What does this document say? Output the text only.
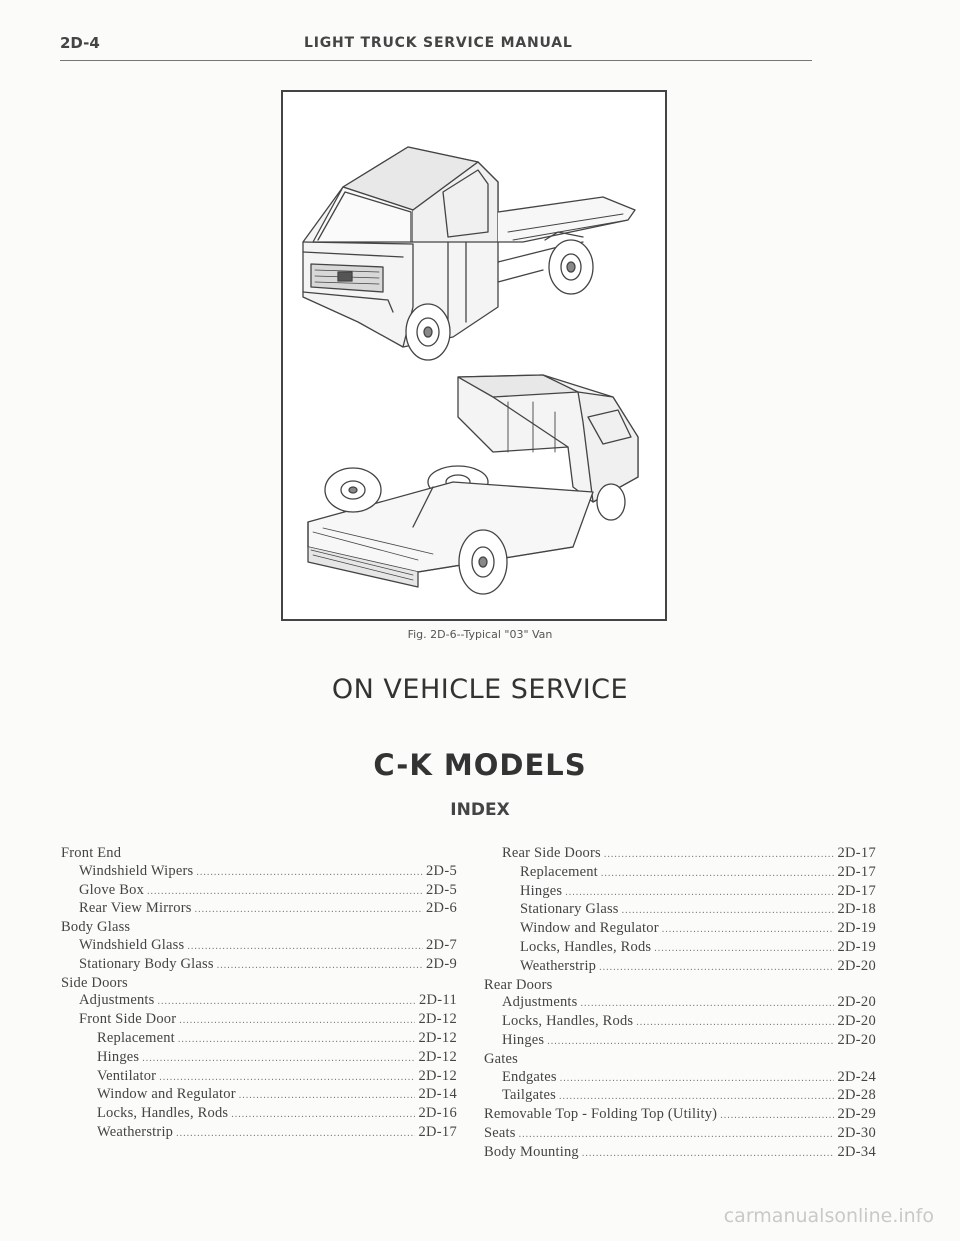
2D-4	LIGHT TRUCK SERVICE MANUAL
Fig. 2D-6--Typical "03" Van
ON VEHICLE SERVICE
C-K MODELS
INDEX
Front End
Windshield Wipers .....	2D-5
Glove Box .....	2D-5
Rear View Mirrors .....	2D-6
Body Glass
Windshield Glass .....	2D-7
Stationary Body Glass .....	2D-9
Side Doors
Adjustments .....	2D-11
Front Side Door .....	2D-12
Replacement .....	2D-12
Hinges .....	2D-12
Ventilator .....	2D-12
Window and Regulator .....	2D-14
Locks, Handles, Rods .....	2D-16
Weatherstrip .....	2D-17
Rear Side Doors .....	2D-17
Replacement .....	2D-17
Hinges .....	2D-17
Stationary Glass .....	2D-18
Window and Regulator .....	2D-19
Locks, Handles, Rods .....	2D-19
Weatherstrip .....	2D-20
Rear Doors
Adjustments .....	2D-20
Locks, Handles, Rods .....	2D-20
Hinges .....	2D-20
Gates
Endgates .....	2D-24
Tailgates .....	2D-28
Removable Top - Folding Top (Utility) .....	2D-29
Seats .....	2D-30
Body Mounting .....	2D-34
carmanualsonline.info
